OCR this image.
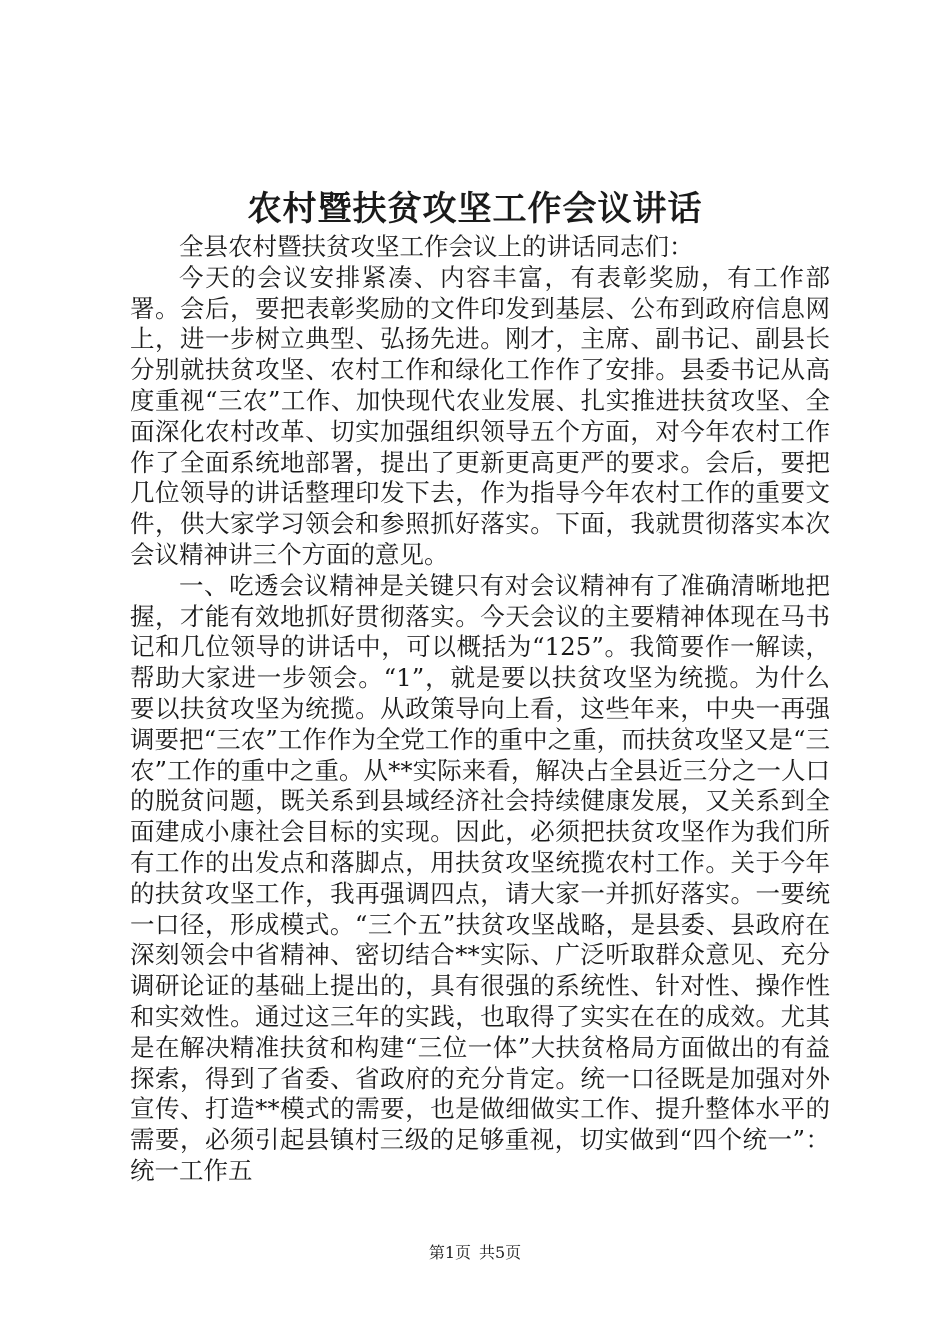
农村暨扶贫攻坚工作会议讲话

全县农村暨扶贫攻坚工作会议上的讲话同志们：

今天的会议安排紧凑、内容丰富，有表彰奖励，有工作部署。会后，要把表彰奖励的文件印发到基层、公布到政府信息网上，进一步树立典型、弘扬先进。刚才，主席、副书记、副县长分别就扶贫攻坚、农村工作和绿化工作作了安排。县委书记从高度重视“三农”工作、加快现代农业发展、扎实推进扶贫攻坚、全面深化农村改革、切实加强组织领导五个方面，对今年农村工作作了全面系统地部署，提出了更新更高更严的要求。会后，要把几位领导的讲话整理印发下去，作为指导今年农村工作的重要文件，供大家学习领会和参照抓好落实。下面，我就贯彻落实本次会议精神讲三个方面的意见。

一、吃透会议精神是关键只有对会议精神有了准确清晰地把握，才能有效地抓好贯彻落实。今天会议的主要精神体现在马书记和几位领导的讲话中，可以概括为“125”。我简要作一解读，帮助大家进一步领会。“1”，就是要以扶贫攻坚为统揽。为什么要以扶贫攻坚为统揽。从政策导向上看，这些年来，中央一再强调要把“三农”工作作为全党工作的重中之重，而扶贫攻坚又是“三农”工作的重中之重。从**实际来看，解决占全县近三分之一人口的脱贫问题，既关系到县域经济社会持续健康发展，又关系到全面建成小康社会目标的实现。因此，必须把扶贫攻坚作为我们所有工作的出发点和落脚点，用扶贫攻坚统揽农村工作。关于今年的扶贫攻坚工作，我再强调四点，请大家一并抓好落实。一要统一口径，形成模式。“三个五”扶贫攻坚战略，是县委、县政府在深刻领会中省精神、密切结合**实际、广泛听取群众意见、充分调研论证的基础上提出的，具有很强的系统性、针对性、操作性和实效性。通过这三年的实践，也取得了实实在在的成效。尤其是在解决精准扶贫和构建“三位一体”大扶贫格局方面做出的有益探索，得到了省委、省政府的充分肯定。统一口径既是加强对外宣传、打造**模式的需要，也是做细做实工作、提升整体水平的需要，必须引起县镇村三级的足够重视，切实做到“四个统一”：统一工作五

第1页 共5页
